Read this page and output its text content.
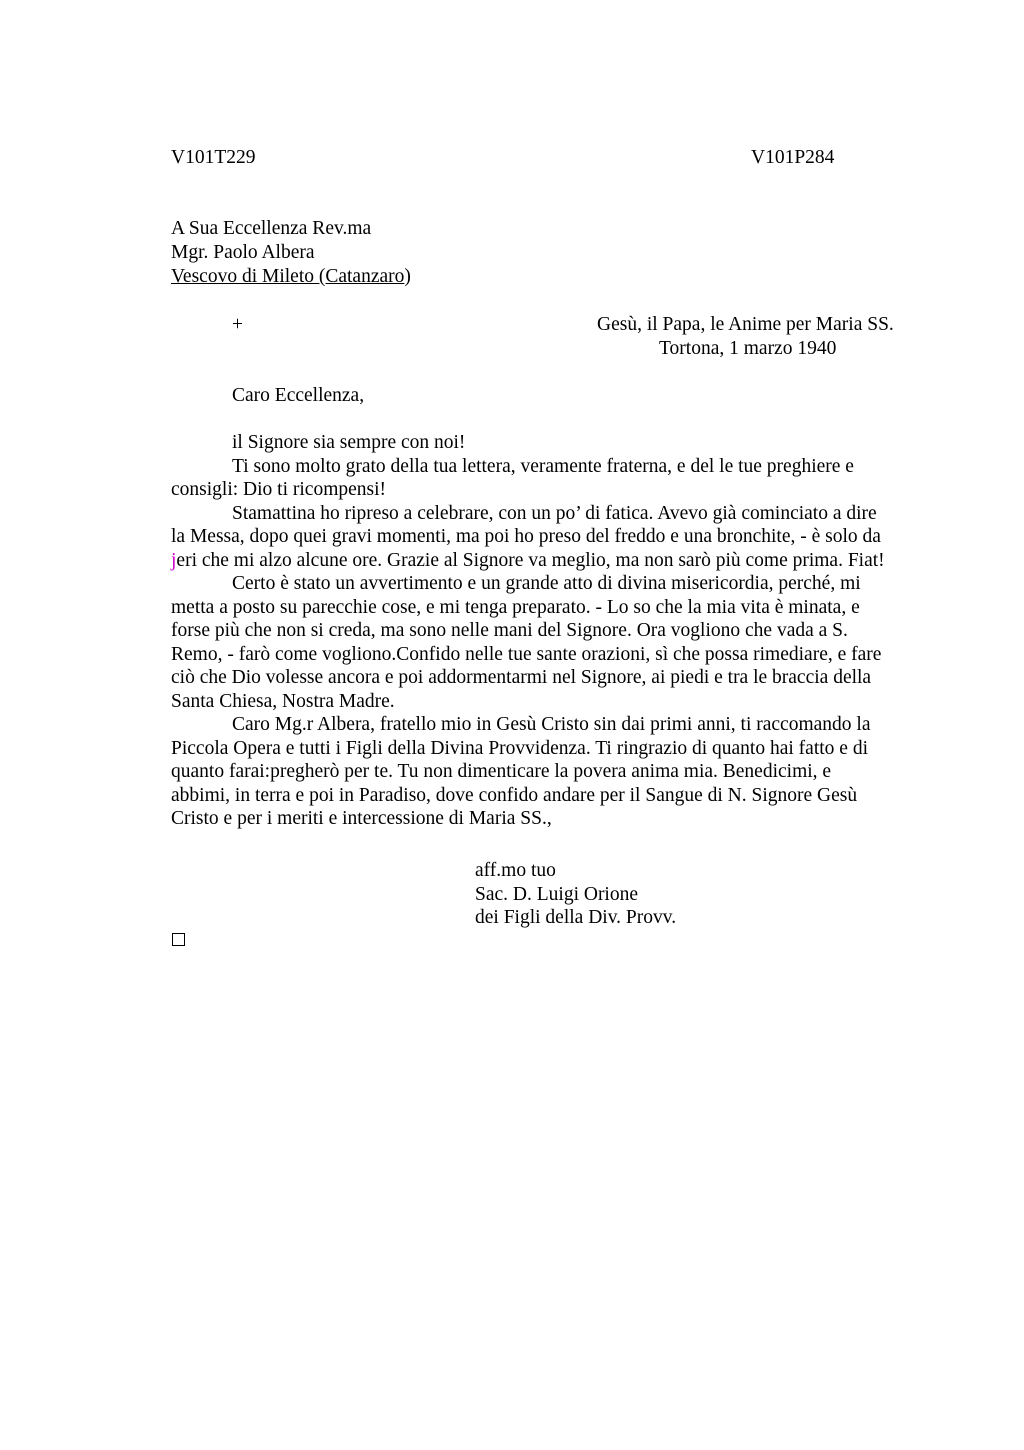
V101T229	V101P284
A Sua Eccellenza Rev.ma
Mgr. Paolo Albera
Vescovo di Mileto (Catanzaro)
+	Gesù, il Papa, le Anime per Maria SS.
Tortona, 1 marzo 1940
Caro Eccellenza,
il Signore sia sempre con noi!
Ti sono molto grato della tua lettera, veramente fraterna, e del le tue preghiere e
consigli: Dio ti ricompensi!
Stamattina ho ripreso a celebrare, con un po’ di fatica. Avevo già cominciato a dire
la Messa, dopo quei gravi momenti, ma poi ho preso del freddo e una bronchite, - è solo da
jeri che mi alzo alcune ore. Grazie al Signore va meglio, ma non sarò più come prima. Fiat!
Certo è stato un avvertimento e un grande atto di divina misericordia, perché, mi
metta a posto su parecchie cose, e mi tenga preparato. - Lo so che la mia vita è minata, e
forse più che non si creda, ma sono nelle mani del Signore. Ora vogliono che vada a S.
Remo, - farò come vogliono.Confido nelle tue sante orazioni, sì che possa rimediare, e fare
ciò che Dio volesse ancora e poi addormentarmi nel Signore, ai piedi e tra le braccia della
Santa Chiesa, Nostra Madre.
Caro Mg.r Albera, fratello mio in Gesù Cristo sin dai primi anni, ti raccomando la
Piccola Opera e tutti i Figli della Divina Provvidenza. Ti ringrazio di quanto hai fatto e di
quanto farai:pregherò per te. Tu non dimenticare la povera anima mia. Benedicimi, e
abbimi, in terra e poi in Paradiso, dove confido andare per il Sangue di N. Signore Gesù
Cristo e per i meriti e intercessione di Maria SS.,
aff.mo tuo
Sac. D. Luigi Orione
dei Figli della Div. Provv.
